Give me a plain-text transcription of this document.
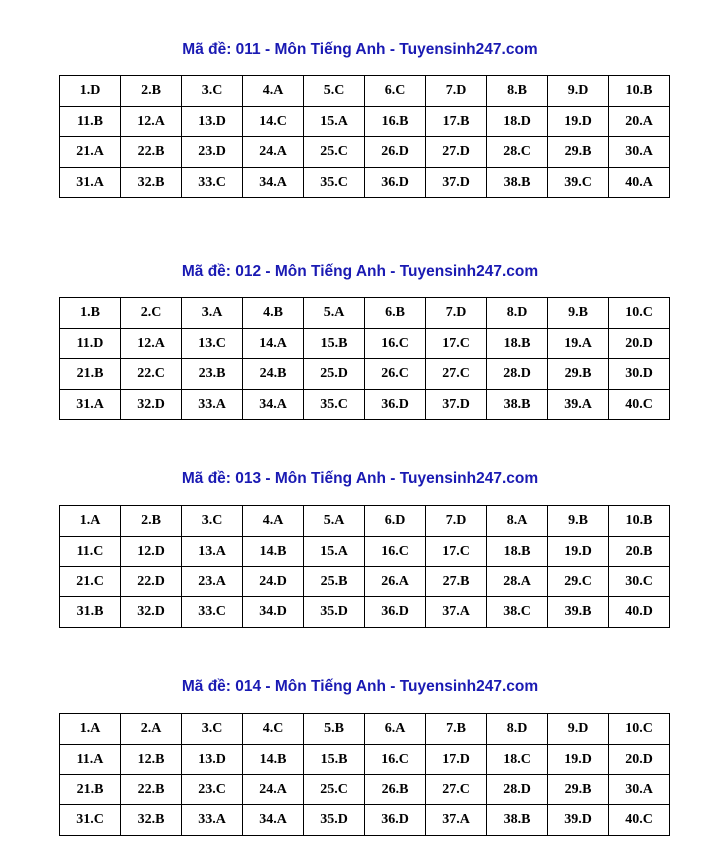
Mã đề: 011 - Môn Tiếng Anh - Tuyensinh247.com
1.D	2.B	3.C	4.A	5.C	6.C	7.D	8.B	9.D	10.B
11.B	12.A	13.D	14.C	15.A	16.B	17.B	18.D	19.D	20.A
21.A	22.B	23.D	24.A	25.C	26.D	27.D	28.C	29.B	30.A
31.A	32.B	33.C	34.A	35.C	36.D	37.D	38.B	39.C	40.A
Mã đề: 012 - Môn Tiếng Anh - Tuyensinh247.com
1.B	2.C	3.A	4.B	5.A	6.B	7.D	8.D	9.B	10.C
11.D	12.A	13.C	14.A	15.B	16.C	17.C	18.B	19.A	20.D
21.B	22.C	23.B	24.B	25.D	26.C	27.C	28.D	29.B	30.D
31.A	32.D	33.A	34.A	35.C	36.D	37.D	38.B	39.A	40.C
Mã đề: 013 - Môn Tiếng Anh - Tuyensinh247.com
1.A	2.B	3.C	4.A	5.A	6.D	7.D	8.A	9.B	10.B
11.C	12.D	13.A	14.B	15.A	16.C	17.C	18.B	19.D	20.B
21.C	22.D	23.A	24.D	25.B	26.A	27.B	28.A	29.C	30.C
31.B	32.D	33.C	34.D	35.D	36.D	37.A	38.C	39.B	40.D
Mã đề: 014 - Môn Tiếng Anh - Tuyensinh247.com
1.A	2.A	3.C	4.C	5.B	6.A	7.B	8.D	9.D	10.C
11.A	12.B	13.D	14.B	15.B	16.C	17.D	18.C	19.D	20.D
21.B	22.B	23.C	24.A	25.C	26.B	27.C	28.D	29.B	30.A
31.C	32.B	33.A	34.A	35.D	36.D	37.A	38.B	39.D	40.C
